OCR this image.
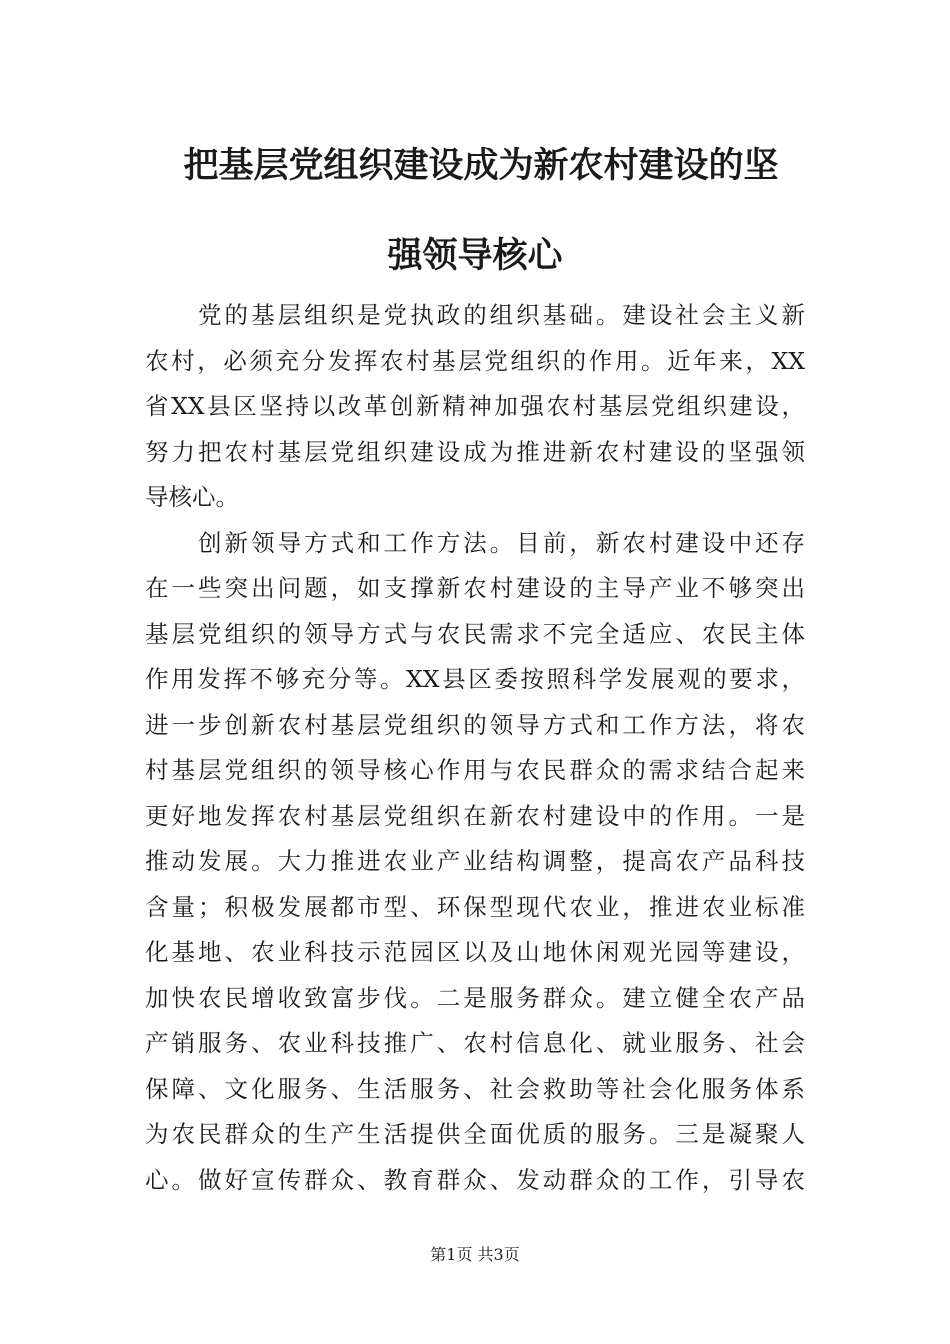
把基层党组织建设成为新农村建设的坚
强领导核心
　　党的基层组织是党执政的组织基础。建设社会主义新
农村，必须充分发挥农村基层党组织的作用。近年来，XX
省XX县区坚持以改革创新精神加强农村基层党组织建设，
努力把农村基层党组织建设成为推进新农村建设的坚强领
导核心。
　　创新领导方式和工作方法。目前，新农村建设中还存
在一些突出问题，如支撑新农村建设的主导产业不够突出
基层党组织的领导方式与农民需求不完全适应、农民主体
作用发挥不够充分等。XX县区委按照科学发展观的要求，
进一步创新农村基层党组织的领导方式和工作方法，将农
村基层党组织的领导核心作用与农民群众的需求结合起来
更好地发挥农村基层党组织在新农村建设中的作用。一是
推动发展。大力推进农业产业结构调整，提高农产品科技
含量；积极发展都市型、环保型现代农业，推进农业标准
化基地、农业科技示范园区以及山地休闲观光园等建设，
加快农民增收致富步伐。二是服务群众。建立健全农产品
产销服务、农业科技推广、农村信息化、就业服务、社会
保障、文化服务、生活服务、社会救助等社会化服务体系
为农民群众的生产生活提供全面优质的服务。三是凝聚人
心。做好宣传群众、教育群众、发动群众的工作，引导农
第1页 共3页
